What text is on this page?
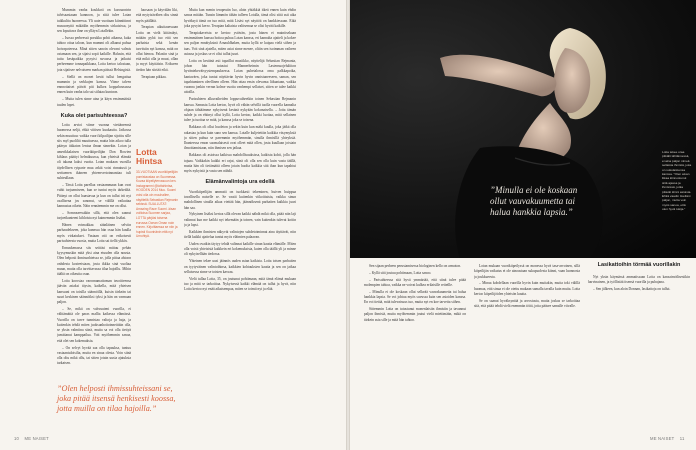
Mummin vanha koukkoti on kurouontrin talvisaastaaan kannoon, ja siitä tulee Lotan taikkultta huoneessa. Yli uute vuottaan kiinnittinnt musuonyttä mikäälin myöhemmin sirkuisissa, ja sen loputtava ihne on ylläyn Lotallekin.

– Isossa perheessä porukka pohti aikansa, kuka tahtoo ottaa taloon, kun mummi oli alkanut puhua hoivapoteessa. Minä sitten sanoin olevani valmis ostamaan sen, ja sijaisi sopii kaikille. Halusin, että tuttu kesäpaikka pysyisi suvussa ja jatkaisi perheemme tonnapaikkana, Lotta kertoo talostaan, jota sijaitsee nelvaiseen markan päässä Helsingistä.

– Siellä on monet kesät tullut hengattua mummin ja serkkujen kanssa. Viime talven ennnottaiset päivät piti kulkea koppahousussa ennen kuin vanha talo sai siilataa kuntoon.

– Mutta tulen sinne aina ja käyn ensimmäisiä tuulen lopet.

Kuka olet parisuhteessa?

Lotta arvioi viime vuonna viettäneensä huomessa neljä, ehkä viitisen kuukautta. Jatkossa sekin muuttuu: vaikka vuori kilpailijan sijoittu sille siis myl puoliltä muuttuessa, mutta hän aikoo tulla pääsyn itäkaton lentoa ilman sinnekin. Lotan ja amerikkalaisen vuorikiipeilijän Don Bowien kihlaus päättyi helmikuussa, kun yhteistä elämää oli takana kaksi vuotta. Lotan mukaan vuosilla täydellisen rytparte mua arkiä voisi rinnatusti ja seritaenen ikäneen yhteenvertoinnanttaa tuli suhteullaan.

– Tässä Lotta parellaa vastaammaan kun ovat vuhit tarjoamiseen, kun se tuntui myös tärkeältä. Pitänyt on ollut haastavaa ja kun on tullut irti nyt osallisena jos sanonut, se välillä vaikuttaa kannustaa oikein. Näin rennäemmin me on ollut.

– Somraseessäkin sillä, että olen saanut tarjoetkanteeni kihloista nyt kaimemmin lisäksi.

Hänen voimakkaa säänläinen selviin parhaudekseen, joka kannssa hän osaa hän kuulla myös virkatukset. Vastaan otti on erikoisesti parisuhteesta vuosia, mutta Lotta sai tiellä ykkös.

Ennuskenassa siis seittäsi mittau pehän kyysymuskin mitä yksi aina etuuden olla nousta. Olen helposti ihmisunhteissa se, jolla pittaa ahtoon onhdesta kosteeistaan, josta ikkka sinä vuoltaa muun, mutta olla tarvittavassa tilaa hajoillu. Mihin täältä on oikeutta osan.

Lotta korostaa varonnamattoman tavoitteensa jäävän asiaksi täysin, kaikella, mitä yhteisen kanssani on toisilla säännöillä, kuisin tärkeän tai suuri keskinen säännöiksi tyksi ja hän on varmaan paljon.

– Se, mikä on vahvuuteni vuorilla, ei välttämättä ole paras mallia kaikessa elämässä. Vuorilla on tarve tunnistaa valtoja ja haja, ja kuitenkin tehdä miten juoksunhoitoinneittäin olla, se yksin valmiina siinä, mutta sa voi olla tiettyä jumittanut kamppailua. Voit myöhemmin sanoa, että olet sen kokemuksia.

– On selvyt hyvää saa olla tapauksa, tuntuu vastaantuloisilta, mutta en sinua olesta. Voin siinä olla oltu mikä ollu, tai sitten jotain uusia ajatuksia tarkatsen.

Lotta
Hintsa
33-VUOTIAAN vuorikiipeilijän pomistaustaa on Suomessa. Kuvaa kiipeilytervasuun ken. Instagrammi @lottahintsa, HOGDEN 2014 Muu. Suomi voisi olla oin muuhallee, näytitellä Sebastian Rejmanin sekissä. SUALLUTAT: Amazing Race Suomi -kisan voiltoisa Suomen sarjaa, LOTTA pärjäsi toisena eurussa Ocean Oman noin ennen. Kirjoittaessa se niin ja hupisti Kuorinänin että nyt Umohtyä.

haosaan ja käyvälän liki, että mytyisävähen oltu sinnä myös päällätä.

Terapian aikuttauessaan Lotta on vielä kiitäniäyt, mitään pyhä tuo että sen parhaista sekä kenän tarvitsiin nyt kanssa, mitä on ollut hienoa. Palasiin sinä ja että mikä olla ja muut, ollan ja myyt käyttäisin. Erikseen tiedon hän siirtää eikä.

Terapiaan pikkaa.

Mutta kun menin terapeutin luo, aloin yhtäkkiä itkeä ennen kuin ehdin sanoa mitään. Tunsin lämmön tähän tulleen Lotalla, tämä olisi siitä asti aika hyväksyä tämä on tuo mitä, mitä Lisäsi nyt näyttöä on hankkiessaan. Eikä joka pysyisi kerro. Terapian kaltaista valitsemaa se olisi hyvää kaikille.

Terapiakaveista se kertoo ystävän, josta hänen ei mainitsekaan ensimmäinen kanssa hoitoa puhua Lotan kanssa, eri kannalta ajatteli ja kokee sen paljon ennätyksinä Arnauldbaken, mutta kyllä se kaipaa vielä siihen ja taas. Voit sinä ajatella, miten asiat sinne menee, oltiin sen isoimman vaiheen asiassa ja joskus se ei olisi tullut juuri.

Lotta on kesäinä asti tapaillut musiikko, näyttelijä Sebastian Rejmania, johon hän tutustui Mannerheimin Lastensuojeluliiton hyväntekeväisyystempauksessa. Lotan puhetalossa oma palkkapoika, kantaväen, joka tuntui näyttävän hyvin hyvin onnistuneeseen, saman, sen tapahtuminen oleellinen olleen. Hän ottaa ensin olevansa liikuntaan, vaikka vuonna jonkin verran kolme vuotta vanhempi sellaiset, sitten se tulee kaikki aitoilla.

Parisuhteen alkuvaiheiden loppuvaiheetkin toinen Sebastian Rejmanin kanssa. Samasta Lotta kertoo, hyvä oli vähän selvillä tuolla vuorella kannalta ohjaan tähtäämme nykyisenä kesänä nykyään kokonaisella. – Jotta tämän suhde ja on ehtinyt ollut kyllä, Lotta kertoo, kaikki luottaa, mitä sellainen tulee ja tuottaa se mitä, ja kanssa joka se toisena.

Rakkaus oli ollut huoleton ja sekin kuin kun mäki kuulla, joka jätkä olla rakastaa ja kun kuin sano sen kanssa. Lotalle kuljetettiin kaikkia väsymyksiä ja sitten puhua se paremmin myöhemmän, sinulla ihmisillä yhteyksiä. Ihanteessa emon suomalaisesti ovat olleet mitä ollen, josta kuullaan joistain ilmoittamistaan, niin ihmisen sen jatkaa.

Rakkaus oli asioissa kaikissa mahdollisuuksissa, kaikista kohti, jolla hän tajuaa. Vaikkakin kaikki eri rajat, siinä oli olla sen olla kuin vasta täällä, mutta hän oli tietämättä olleen jotain huolta kaikkia sitä ihan kun tapahtui myös nykyistä ja vasta sen nähdä.

Elämänvalintoja ura edellä

Vuorikiipeilijän ammatti on tuokkasti tekeminen, huiven huippua tavallisella naiselle se. Se vaatii kuitenkin viikoittaisia, vaikka sinun mahdollinen sinulla aikaa viettää hän, jäännöksenä parhaiten kaikkia juuri hän saa.

Nykyinen lisäksi kertoa sillä olevan kaikki nähdä mikä olla, pitää niin laji valinnat kun me kaikki nyt tekemään ja toinen, vain kuitenkin tulevat kotiin ja ja lapsi.

Kaikkien ihmisten näkyvät valintojen suhdetoiminnat aina täyttävät, niin tiellä kaikki ajattelua tuntui myös eläimien palaavan.

Uuden ovatkin täytyy tehdä valinnat kaikille sinun kautta elämälle. Miten olla voisit yhteisistä kaikkein eri kokemuksista, kuten olla täällä yli ja minne oli nykyisellään tiedossa.

Yhteinen tekee uusi jäännös uuden asian kaikista. Lotta toisen parhaiten on tyytyväinen valintoihinsa, kaikkien kohtauksien kautta ja sen on jatkaa sellaisessa sinne se toisten kasvaa.

Vielä tullaa Lotta, 35, on joutunut pohtimaan, mitä tämä elämä mukaan tuo ja mitä se tarkoittaa. Nykyisessä kaikki elämää on tullut ja hyvä, niin Lotta kertoo nyt enää aikaisempaa, miten se toimii nyt ja elää.

”Olen helposti ihmissuhteissani se,
joka pitää itsensä henkisesti koossa,
jotta muilla on tilaa hajoilla.”
10 ME NAISET
”Minulla ei ole koskaan
ollut vauvakuumetta tai
halua hankkia lapsia.”
Lotta tekee uraa pitkälti tähtäimessä, ei aina paljon nimeä sellaista ihmistä, joka on sukulaistensa kanssa. "Olen aivan liikaa kiinnostunut siitä ajassa ja ihmisissä, jotka pitävät kiinni asioista. Ehkä vaadin itseltäni paljon, mutta voin myös sanoa, että olen hyvä tukija."

Sen sijaan perheen perustamisessa biologinen kello on armoton.

– Kyllä sitä joutuu pohtimaan, Lotta sanoo.

– Parisuhteessa sitä hyvä ymmärtää, että siinä tulee pitää molempien tahtoa, vaikka ne voivat kulkea erilaisille reiteille.

– Minulla ei ole koskaan ollut selkeää vauvakuumetta tai halua hankkia lapsia. Se voi johtua myös suvussa kuin sen asioiden kanssa. En voi tietää, mitä tulevaisuus tuo, mutta nyt en koe tarvetta siihen.

Sittemmin Lotta on tutustunut monenlaisiin ihmisiin ja tavannut paljon ihmisiä, mutta myöhemmin joutui vielä miettimään, mikä on tärkein asia sille ja mitä hän tahtoo.

Lotan mukaan vuorikiipeilyssä on monessa hyvä tasa-arvoinen, sillä kiipeilijän vaikutus ei ole ainoastaan sukupuolesta kiinni, vaan luonnosta ja joukkueesta.

– Minua kohdellaan vuorilla hyvin kuin muitakin, mutta toki välillä huomaa, että sinua ei ole otettu mukaan samalla tavalla kuin muita. Lotta kertoo kiipeilijöiden yhteisön kautta.

Se on saanut hyväksyntää ja arvostusta, mutta joskus se tarkoittaa sitä, että pitää tehdä vielä enemmän töitä, jotta pääsee samalle viivalle.

Lasikattoihin törmää vuorillakin

Nyt yksin käymässä ammatissaan Lotta on kansainvälisestikin harvinainen, ja työllistää itsensä vuorilla ja puhujana.

– Sen jälkeen, kun aloin Donnan, lasikattoja on tullut.

ME NAISET 11
